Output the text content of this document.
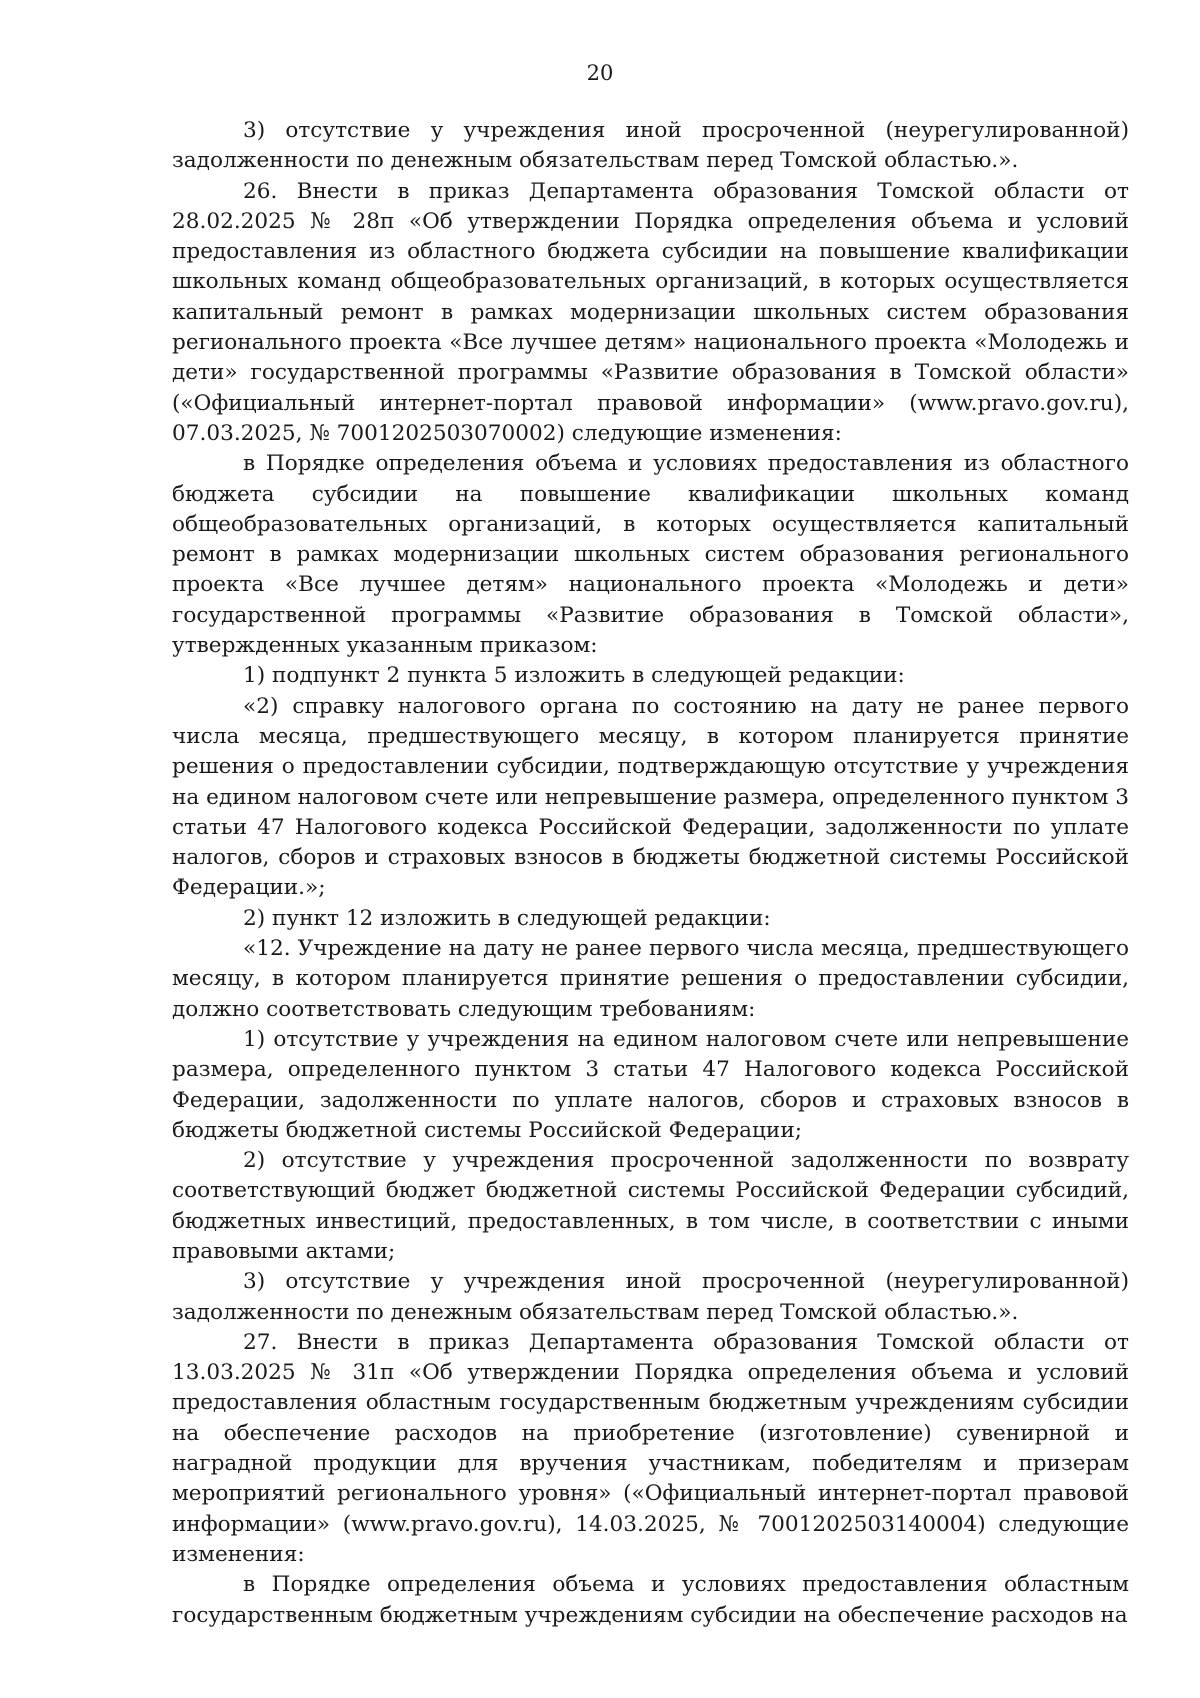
20

3) отсутствие у учреждения иной просроченной (неурегулированной) задолженности по денежным обязательствам перед Томской областью.».

26. Внести в приказ Департамента образования Томской области от 28.02.2025 № 28п «Об утверждении Порядка определения объема и условий предоставления из областного бюджета субсидии на повышение квалификации школьных команд общеобразовательных организаций, в которых осуществляется капитальный ремонт в рамках модернизации школьных систем образования регионального проекта «Все лучшее детям» национального проекта «Молодежь и дети» государственной программы «Развитие образования в Томской области» («Официальный интернет-портал правовой информации» (www.pravo.gov.ru), 07.03.2025, № 7001202503070002) следующие изменения:

в Порядке определения объема и условиях предоставления из областного бюджета субсидии на повышение квалификации школьных команд общеобразовательных организаций, в которых осуществляется капитальный ремонт в рамках модернизации школьных систем образования регионального проекта «Все лучшее детям» национального проекта «Молодежь и дети» государственной программы «Развитие образования в Томской области», утвержденных указанным приказом:

1) подпункт 2 пункта 5 изложить в следующей редакции:

«2) справку налогового органа по состоянию на дату не ранее первого числа месяца, предшествующего месяцу, в котором планируется принятие решения о предоставлении субсидии, подтверждающую отсутствие у учреждения на едином налоговом счете или непревышение размера, определенного пунктом 3 статьи 47 Налогового кодекса Российской Федерации, задолженности по уплате налогов, сборов и страховых взносов в бюджеты бюджетной системы Российской Федерации.»;

2) пункт 12 изложить в следующей редакции:

«12. Учреждение на дату не ранее первого числа месяца, предшествующего месяцу, в котором планируется принятие решения о предоставлении субсидии, должно соответствовать следующим требованиям:

1) отсутствие у учреждения на едином налоговом счете или непревышение размера, определенного пунктом 3 статьи 47 Налогового кодекса Российской Федерации, задолженности по уплате налогов, сборов и страховых взносов в бюджеты бюджетной системы Российской Федерации;

2) отсутствие у учреждения просроченной задолженности по возврату соответствующий бюджет бюджетной системы Российской Федерации субсидий, бюджетных инвестиций, предоставленных, в том числе, в соответствии с иными правовыми актами;

3) отсутствие у учреждения иной просроченной (неурегулированной) задолженности по денежным обязательствам перед Томской областью.».

27. Внести в приказ Департамента образования Томской области от 13.03.2025 № 31п «Об утверждении Порядка определения объема и условий предоставления областным государственным бюджетным учреждениям субсидии на обеспечение расходов на приобретение (изготовление) сувенирной и наградной продукции для вручения участникам, победителям и призерам мероприятий регионального уровня» («Официальный интернет-портал правовой информации» (www.pravo.gov.ru), 14.03.2025, № 7001202503140004) следующие изменения:

в Порядке определения объема и условиях предоставления областным государственным бюджетным учреждениям субсидии на обеспечение расходов на
